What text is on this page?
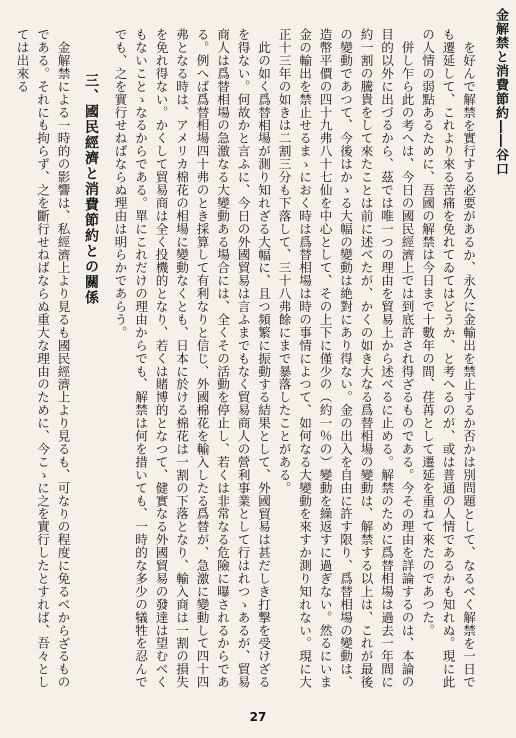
金解禁と消費節約――谷口

を好んで解禁を實行する必要があるか、永久に金輸出を禁止するか否かは別問題として、なるべく解禁を一日でも遷延して、これより來る苦痛を免れてゐてはどうか、と考へるのが、或は普通の人情であるかも知れぬ。現に此の人情の弱點あるために、吾國の解禁は今日まで十數年の間、荏苒として遷延を重ねて來たのであつた。

併し乍ら此の考へは、今日の國民經濟上では到底許され得ざるものである。今その理由を詳論するのは、本論の目的以外に出づるから、茲では唯一つの理由を貿易上から述べるに止める。解禁のために爲替相場は過去一年間に約一割の騰貴をして來たことは前に述べたが、かくの如き大なる爲替相場の變動は、解禁する以上は、これが最後の變動であつて、今後はかゝる大幅の變動は絶對にあり得ない。金の出入を自由に許す限り、爲替相場の變動は、造幣平價の四十九弗八十七仙を中心として、その上下に僅少の（約一％の）變動を繰返すに過ぎない。然るにいま金の輸出を禁止せるまゝにおく時は爲替相場は時の事情によつて、如何なる大變動を來すか測り知れない。現に大正十三年の如きは二割三分も下落して、三十八弗餘にまで暴落したことがある。

此の如く爲替相場が測り知れざる大幅に、且つ頻繁に振動する結果として、外國貿易は甚だしき打撃を受けざるを得ない。何故かと言ふに、今日の外國貿易は言ふまでもなく貿易商人の營利事業として行はれつゝあるが、貿易商人は爲替相場の急激なる大變動ある場合には、全くその活動を停止し、若くは非常なる危險に曝されるからである。例へば爲替相場四十弗のとき採算して有利なりと信じ、外國棉花を輸入したる爲替が、急激に變動して四十四弗となる時は、アメリカ棉花の相場に變動なくとも、日本に於ける棉花は一割の下落となり、輸入商は一割の損失を免れ得ない。かくして貿易商は全く投機的となり、若くは賭博的となつて、健實なる外國貿易の發達は望むべくもないことゝなるからである。單にこれだけの理由からでも、解禁は何を措いても、一時的な多少の犠牲を忍んででも、之を實行せねばならぬ理由は明らかであらう。

三、國民經濟と消費節約との關係

金解禁による一時的の影響は、私經濟上より見るも國民經濟上より見るも、可なりの程度に免るべからざるものである。それにも拘らず、之を斷行せねばならぬ重大な理由のために、今こゝに之を實行したとすれば、吾々としては出來る

27
